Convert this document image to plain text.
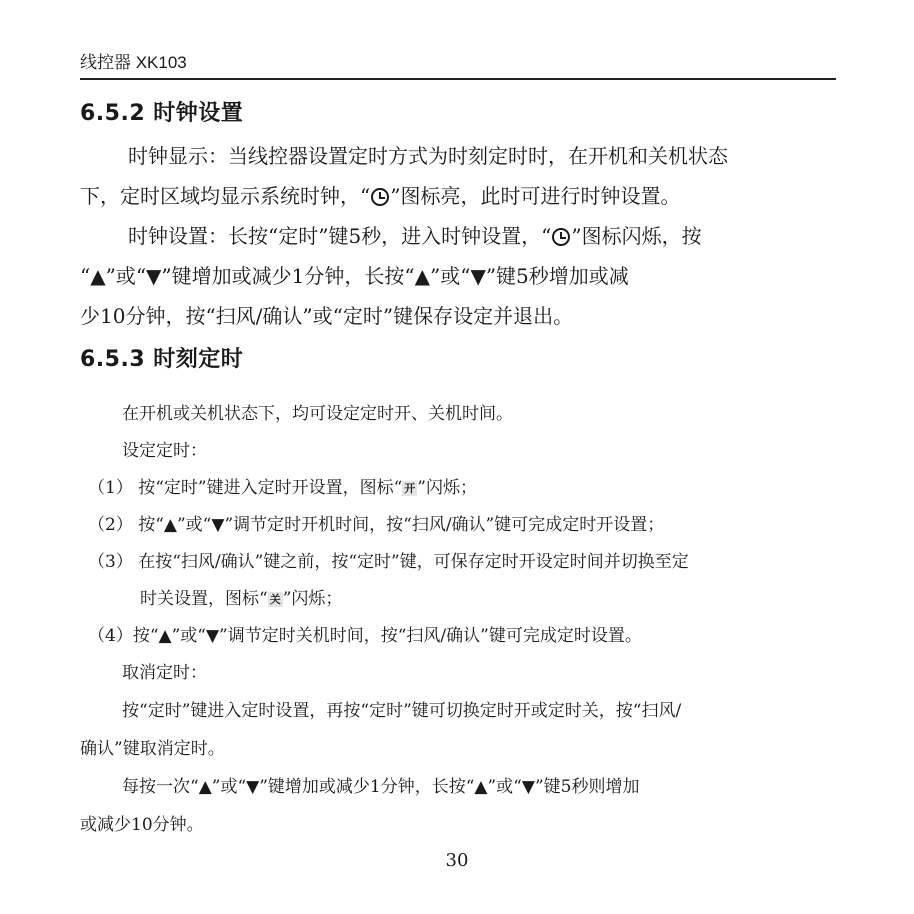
线控器 XK103
6.5.2 时钟设置
时钟显示：当线控器设置定时方式为时刻定时时，在开机和关机状态
下，定时区域均显示系统时钟，“ ”图标亮，此时可进行时钟设置。
时钟设置：长按“定时”键5秒，进入时钟设置，“ ”图标闪烁，按
“▲”或“▼”键增加或减少1分钟，长按“▲”或“▼”键5秒增加或减
少10分钟，按“扫风/确认”或“定时”键保存设定并退出。
6.5.3 时刻定时
在开机或关机状态下，均可设定定时开、关机时间。
设定定时：
（1） 按“定时”键进入定时开设置，图标“ 开 ”闪烁；
（2） 按“▲”或“▼”调节定时开机时间，按“扫风/确认”键可完成定时开设置；
（3） 在按“扫风/确认”键之前，按“定时”键，可保存定时开设定时间并切换至定
时关设置，图标“ 关 ”闪烁；
（4）按“▲”或“▼”调节定时关机时间，按“扫风/确认”键可完成定时设置。
取消定时：
按“定时”键进入定时设置，再按“定时”键可切换定时开或定时关，按“扫风/
确认”键取消定时。
每按一次“▲”或“▼”键增加或减少1分钟，长按“▲”或“▼”键5秒则增加
或减少10分钟。
30
